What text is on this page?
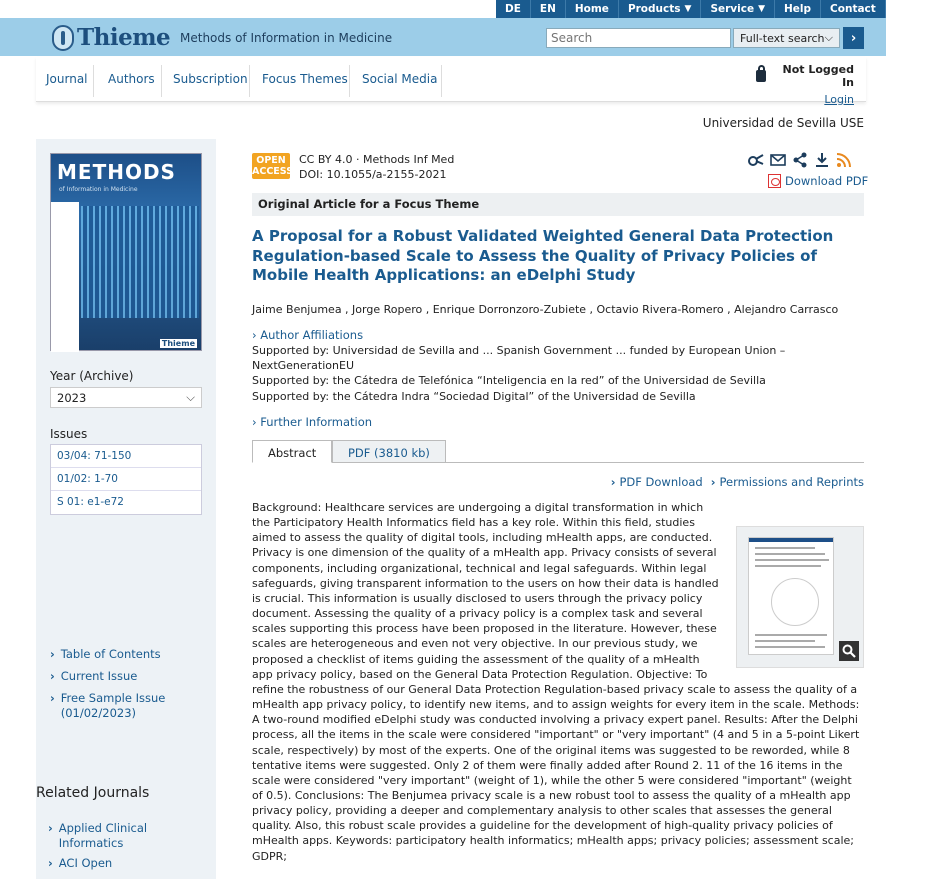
DE EN Home Products ▼ Service ▼ Help Contact Portal
Thieme Methods of Information in Medicine
Search	Full-text search ⌵ ›
Journal Authors Subscription Focus Themes Social Media
Not Logged In
Login
Universidad de Sevilla USE
METHODS
of Information in Medicine
Thieme
Year (Archive)
2023	⌵
Issues
03/04: 71-150
01/02: 1-70
S 01: e1-e72
› Table of Contents
› Current Issue
› Free Sample Issue (01/02/2023)
Related Journals
› Applied Clinical Informatics
› ACI Open
OPEN ACCESS
CC BY 4.0 · Methods Inf Med
DOI: 10.1055/a-2155-2021	Download PDF
Original Article for a Focus Theme
A Proposal for a Robust Validated Weighted General Data Protection Regulation-based Scale to Assess the Quality of Privacy Policies of Mobile Health Applications: an eDelphi Study
Jaime Benjumea , Jorge Ropero , Enrique Dorronzoro-Zubiete , Octavio Rivera-Romero , Alejandro Carrasco
› Author Affiliations
Supported by: Universidad de Sevilla and ... Spanish Government ... funded by European Union – NextGenerationEU
Supported by: the Cátedra de Telefónica “Inteligencia en la red” of the Universidad de Sevilla
Supported by: the Cátedra Indra “Sociedad Digital” of the Universidad de Sevilla
› Further Information
Abstract	PDF (3810 kb)
› PDF Download › Permissions and Reprints
Background: Healthcare services are undergoing a digital transformation in which the Participatory Health Informatics field has a key role. Within this field, studies aimed to assess the quality of digital tools, including mHealth apps, are conducted. Privacy is one dimension of the quality of a mHealth app. Privacy consists of several components, including organizational, technical and legal safeguards. Within legal safeguards, giving transparent information to the users on how their data is handled is crucial. This information is usually disclosed to users through the privacy policy document. Assessing the quality of a privacy policy is a complex task and several scales supporting this process have been proposed in the literature. However, these scales are heterogeneous and even not very objective. In our previous study, we proposed a checklist of items guiding the assessment of the quality of a mHealth app privacy policy, based on the General Data Protection Regulation. Objective: To refine the robustness of our General Data Protection Regulation-based privacy scale to assess the quality of a mHealth app privacy policy, to identify new items, and to assign weights for every item in the scale. Methods: A two-round modified eDelphi study was conducted involving a privacy expert panel. Results: After the Delphi process, all the items in the scale were considered "important" or "very important" (4 and 5 in a 5-point Likert scale, respectively) by most of the experts. One of the original items was suggested to be reworded, while 8 tentative items were suggested. Only 2 of them were finally added after Round 2. 11 of the 16 items in the scale were considered "very important" (weight of 1), while the other 5 were considered "important" (weight of 0.5). Conclusions: The Benjumea privacy scale is a new robust tool to assess the quality of a mHealth app privacy policy, providing a deeper and complementary analysis to other scales that assesses the general quality. Also, this robust scale provides a guideline for the development of high-quality privacy policies of mHealth apps. Keywords: participatory health informatics; mHealth apps; privacy policies; assessment scale; GDPR;
